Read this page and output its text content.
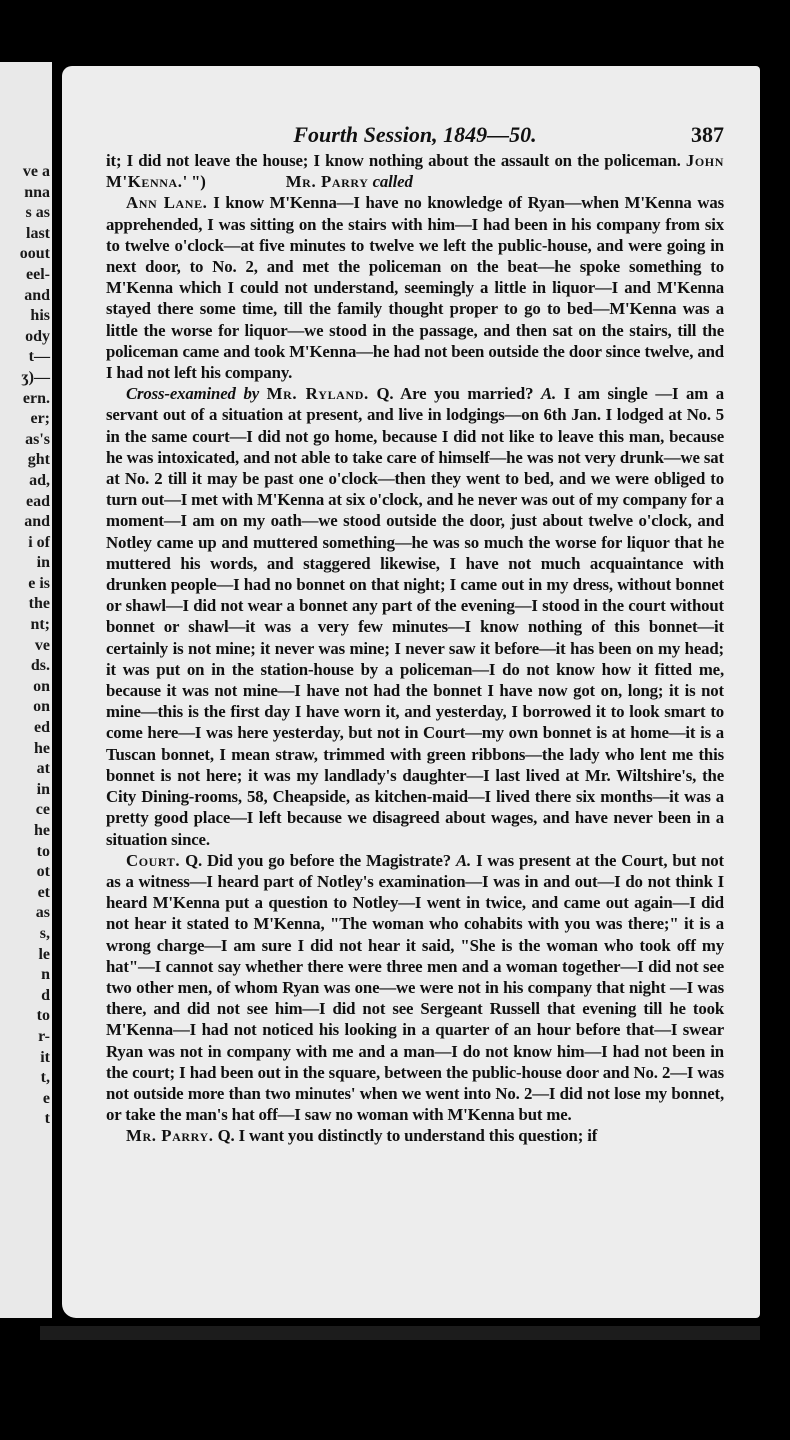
ve a
nna
s as
last
oout
eel-
and
his
ody
t—
ʒ)—
ern.
er;
as's
ght
ad,
ead
and
i of
in
e is
the
nt;
ve
ds.
on
on
ed
he
at
in
ce
he
to
ot
et
as
s,
le
n
d
to
r-
it
t,
e
t
Fourth Session, 1849—50.	387

it; I did not leave the house; I know nothing about the assault on the policeman. John M'Kenna.' ")	Mr. Parry called

Ann Lane. I know M'Kenna—I have no knowledge of Ryan—when M'Kenna was apprehended, I was sitting on the stairs with him—I had been in his company from six to twelve o'clock—at five minutes to twelve we left the public-house, and were going in next door, to No. 2, and met the policeman on the beat—he spoke something to M'Kenna which I could not understand, seemingly a little in liquor—I and M'Kenna stayed there some time, till the family thought proper to go to bed—M'Kenna was a little the worse for liquor—we stood in the passage, and then sat on the stairs, till the policeman came and took M'Kenna—he had not been outside the door since twelve, and I had not left his company.

Cross-examined by Mr. Ryland. Q. Are you married? A. I am single —I am a servant out of a situation at present, and live in lodgings—on 6th Jan. I lodged at No. 5 in the same court—I did not go home, because I did not like to leave this man, because he was intoxicated, and not able to take care of himself—he was not very drunk—we sat at No. 2 till it may be past one o'clock—then they went to bed, and we were obliged to turn out—I met with M'Kenna at six o'clock, and he never was out of my company for a moment—I am on my oath—we stood outside the door, just about twelve o'clock, and Notley came up and muttered something—he was so much the worse for liquor that he muttered his words, and staggered likewise, I have not much acquaintance with drunken people—I had no bonnet on that night; I came out in my dress, without bonnet or shawl—I did not wear a bonnet any part of the evening—I stood in the court without bonnet or shawl—it was a very few minutes—I know nothing of this bonnet—it certainly is not mine; it never was mine; I never saw it before—it has been on my head; it was put on in the station-house by a policeman—I do not know how it fitted me, because it was not mine—I have not had the bonnet I have now got on, long; it is not mine—this is the first day I have worn it, and yesterday, I borrowed it to look smart to come here—I was here yesterday, but not in Court—my own bonnet is at home—it is a Tuscan bonnet, I mean straw, trimmed with green ribbons—the lady who lent me this bonnet is not here; it was my landlady's daughter—I last lived at Mr. Wiltshire's, the City Dining-rooms, 58, Cheapside, as kitchen-maid—I lived there six months—it was a pretty good place—I left because we disagreed about wages, and have never been in a situation since.

Court. Q. Did you go before the Magistrate? A. I was present at the Court, but not as a witness—I heard part of Notley's examination—I was in and out—I do not think I heard M'Kenna put a question to Notley—I went in twice, and came out again—I did not hear it stated to M'Kenna, "The woman who cohabits with you was there;" it is a wrong charge—I am sure I did not hear it said, "She is the woman who took off my hat"—I cannot say whether there were three men and a woman together—I did not see two other men, of whom Ryan was one—we were not in his company that night —I was there, and did not see him—I did not see Sergeant Russell that evening till he took M'Kenna—I had not noticed his looking in a quarter of an hour before that—I swear Ryan was not in company with me and a man—I do not know him—I had not been in the court; I had been out in the square, between the public-house door and No. 2—I was not outside more than two minutes' when we went into No. 2—I did not lose my bonnet, or take the man's hat off—I saw no woman with M'Kenna but me.

Mr. Parry. Q. I want you distinctly to understand this question; if
